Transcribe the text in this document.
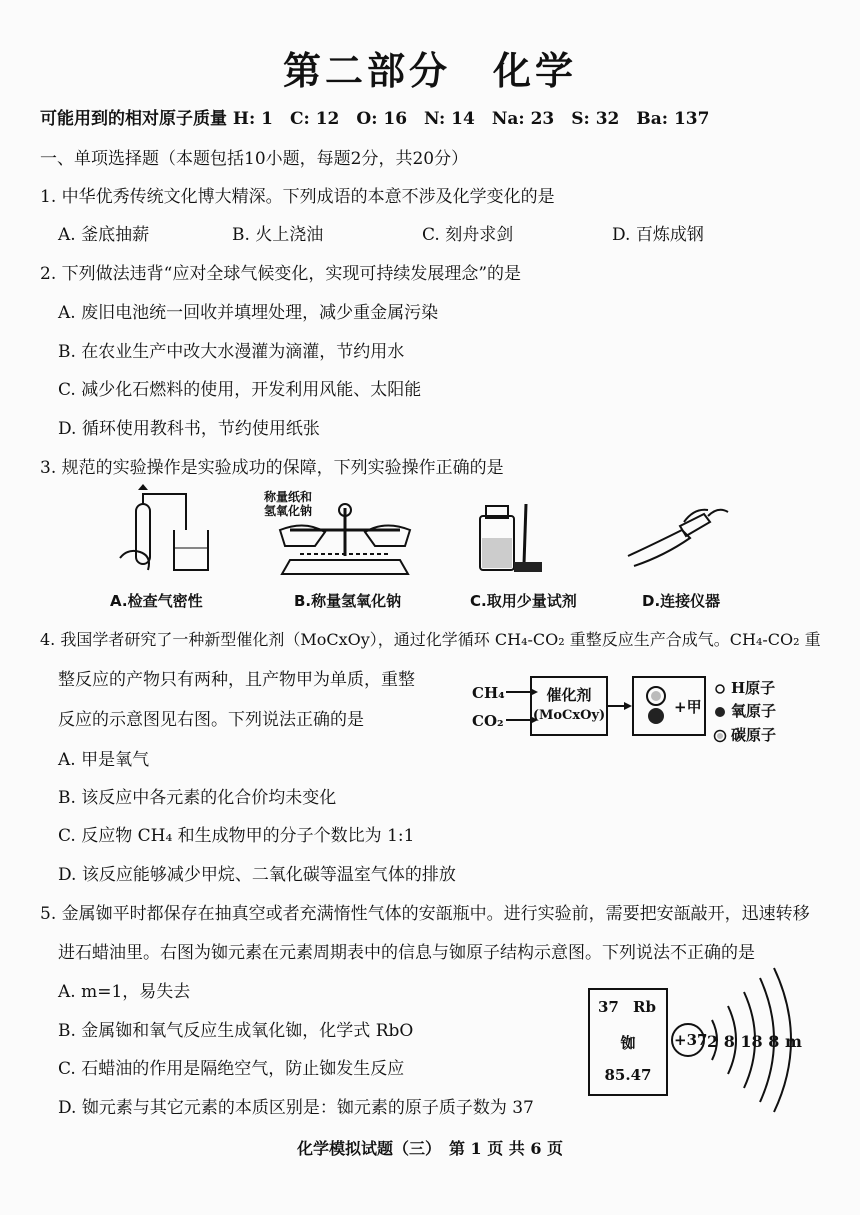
第二部分　化学
可能用到的相对原子质量 H: 1　C: 12　O: 16　N: 14　Na: 23　S: 32　Ba: 137
一、单项选择题（本题包括10小题，每题2分，共20分）
1. 中华优秀传统文化博大精深。下列成语的本意不涉及化学变化的是
A. 釜底抽薪	B. 火上浇油	C. 刻舟求剑	D. 百炼成钢
2. 下列做法违背“应对全球气候变化，实现可持续发展理念”的是
A. 废旧电池统一回收并填埋处理，减少重金属污染
B. 在农业生产中改大水漫灌为滴灌，节约用水
C. 减少化石燃料的使用，开发利用风能、太阳能
D. 循环使用教科书，节约使用纸张
3. 规范的实验操作是实验成功的保障，下列实验操作正确的是
称量纸和
氢氧化钠
A.检查气密性	B.称量氢氧化钠	C.取用少量试剂	D.连接仪器
4. 我国学者研究了一种新型催化剂（MoCxOy），通过化学循环 CH₄-CO₂ 重整反应生产合成气。CH₄-CO₂ 重
整反应的产物只有两种，且产物甲为单质，重整
反应的示意图见右图。下列说法正确的是
A. 甲是氧气
B. 该反应中各元素的化合价均未变化
C. 反应物 CH₄ 和生成物甲的分子个数比为 1:1
D. 该反应能够减少甲烷、二氧化碳等温室气体的排放
CH₄
CO₂
催化剂
(MoCxOy)	+甲
H原子
氧原子
碳原子
5. 金属铷平时都保存在抽真空或者充满惰性气体的安瓿瓶中。进行实验前，需要把安瓿敲开，迅速转移
进石蜡油里。右图为铷元素在元素周期表中的信息与铷原子结构示意图。下列说法不正确的是
A. m=1，易失去
B. 金属铷和氧气反应生成氧化铷，化学式 RbO
C. 石蜡油的作用是隔绝空气，防止铷发生反应
D. 铷元素与其它元素的本质区别是：铷元素的原子质子数为 37
37 Rb
铷
85.47
+37 2 8 18 8 m
化学模拟试题（三）　第 1 页 共 6 页
